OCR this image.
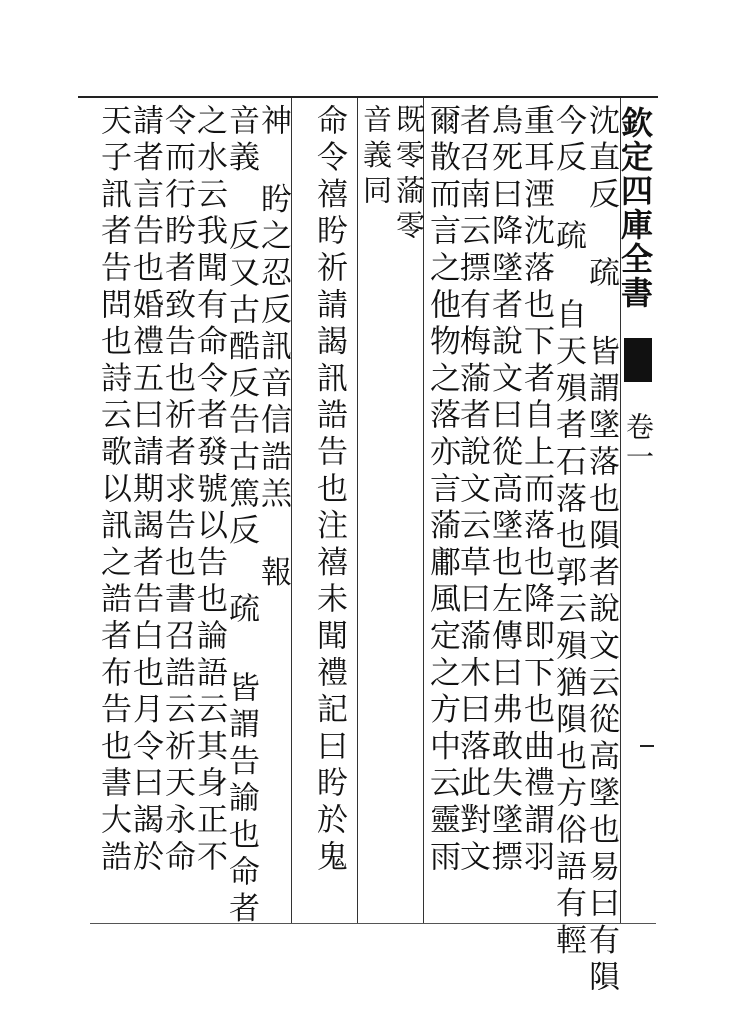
欽定四庫全書
卷一
沈直反 疏 皆謂墜落也隕者說文云從高墜也易曰有隕
今反 疏 自天殞者石落也郭云殞猶隕也方俗語有輕
重耳湮沈落也下者自上而落也降即下也曲禮謂羽
鳥死曰降墜者說文曰從高墜也左傳曰弗敢失墜摽
者召南云摽有梅蕍者說文云草曰蕍木曰落此對文
爾散而言之他物之落亦言蕍鄘風定之方中云靈雨
既零蕍零
音義同
命令禧盻祈請謁訊誥告也注禧未聞禮記曰盻於鬼
神 盻之忍反訊音信誥羔 報
音義 反又古酷反告古篤反 疏 皆謂告諭也命者
之水云我聞有命令者發號以告也論語云其身正不
令而行盻者致告也祈者求告也書召誥云祈天永命
請者言告也婚禮五曰請期謁者告白也月令曰謁於
天子訊者告問也詩云歌以訊之誥者布告也書大誥
